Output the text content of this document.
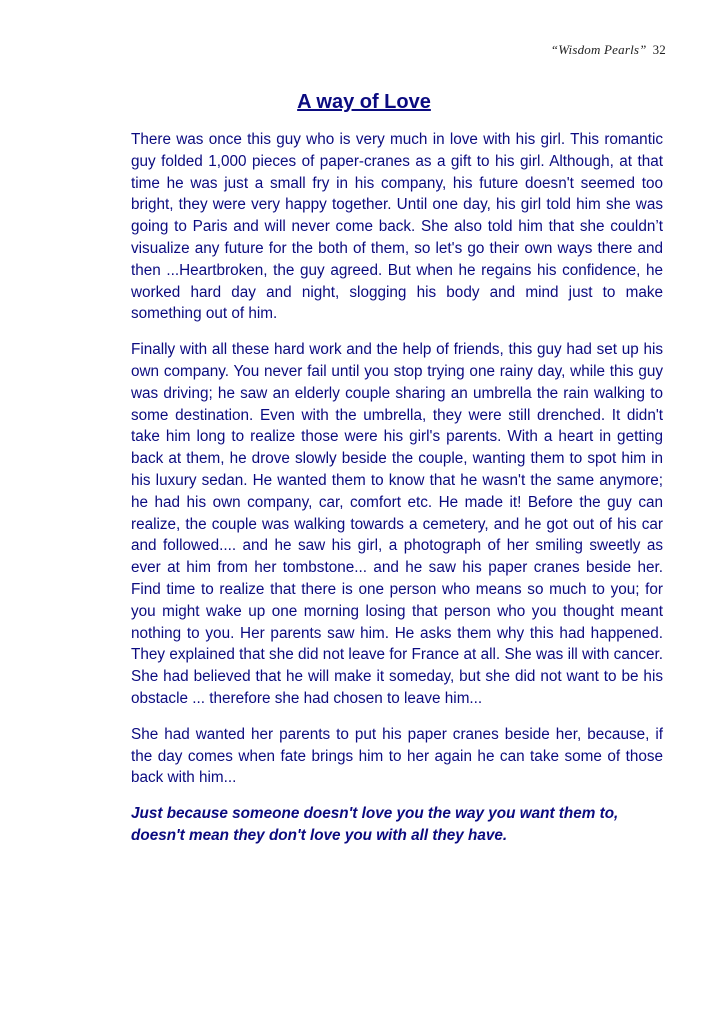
“Wisdom Pearls” 32
A way of Love

There was once this guy who is very much in love with his girl. This romantic guy folded 1,000 pieces of paper-cranes as a gift to his girl. Although, at that time he was just a small fry in his company, his future doesn't seemed too bright, they were very happy together. Until one day, his girl told him she was going to Paris and will never come back. She also told him that she couldn’t visualize any future for the both of them, so let's go their own ways there and then ...Heartbroken, the guy agreed. But when he regains his confidence, he worked hard day and night, slogging his body and mind just to make something out of him.

Finally with all these hard work and the help of friends, this guy had set up his own company. You never fail until you stop trying one rainy day, while this guy was driving; he saw an elderly couple sharing an umbrella the rain walking to some destination. Even with the umbrella, they were still drenched. It didn't take him long to realize those were his girl's parents. With a heart in getting back at them, he drove slowly beside the couple, wanting them to spot him in his luxury sedan. He wanted them to know that he wasn't the same anymore; he had his own company, car, comfort etc. He made it! Before the guy can realize, the couple was walking towards a cemetery, and he got out of his car and followed.... and he saw his girl, a photograph of her smiling sweetly as ever at him from her tombstone... and he saw his paper cranes beside her. Find time to realize that there is one person who means so much to you; for you might wake up one morning losing that person who you thought meant nothing to you. Her parents saw him. He asks them why this had happened. They explained that she did not leave for France at all. She was ill with cancer. She had believed that he will make it someday, but she did not want to be his obstacle ... therefore she had chosen to leave him...

She had wanted her parents to put his paper cranes beside her, because, if the day comes when fate brings him to her again he can take some of those back with him...

Just because someone doesn't love you the way you want them to, doesn't mean they don't love you with all they have.
